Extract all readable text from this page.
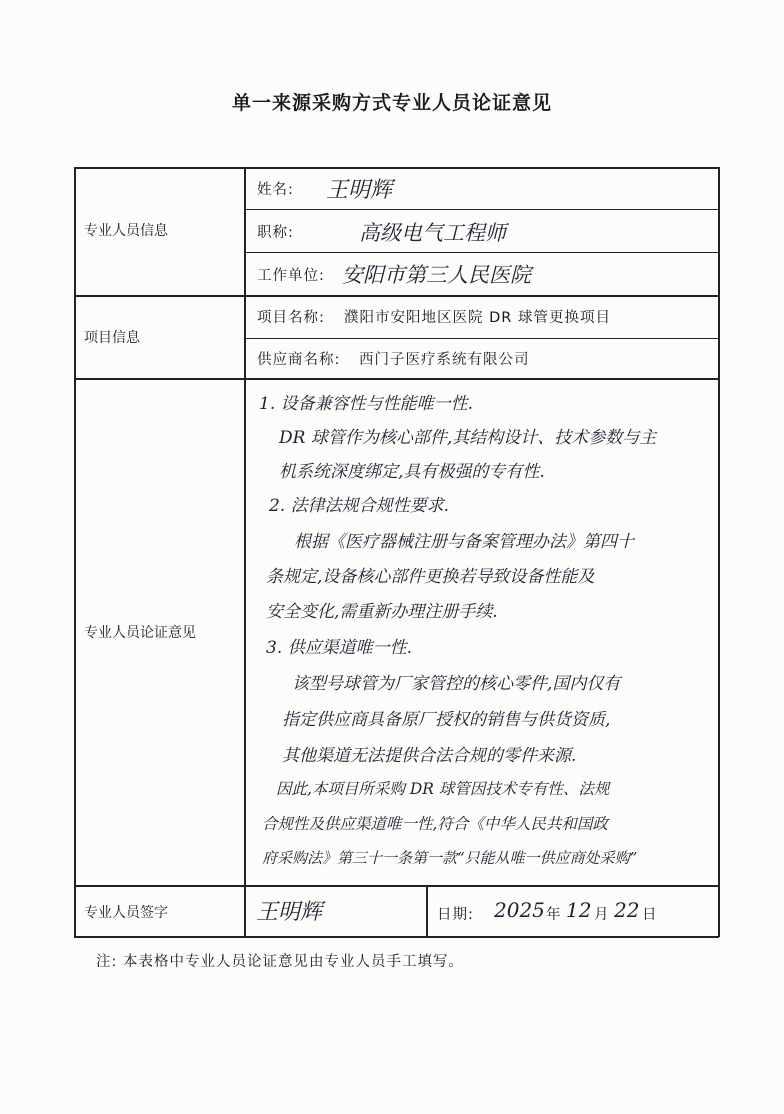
单一来源采购方式专业人员论证意见
专业人员信息
项目信息
专业人员论证意见
专业人员签字
姓名: 王明辉
职称:	高级电气工程师
工作单位: 安阳市第三人民医院
项目名称: 濮阳市安阳地区医院 DR 球管更换项目
供应商名称: 西门子医疗系统有限公司
1. 设备兼容性与性能唯一性.
DR 球管作为核心部件,其结构设计、技术参数与主
机系统深度绑定,具有极强的专有性.
2. 法律法规合规性要求.
根据《医疗器械注册与备案管理办法》第四十
条规定,设备核心部件更换若导致设备性能及
安全变化,需重新办理注册手续.
3. 供应渠道唯一性.
该型号球管为厂家管控的核心零件,国内仅有
指定供应商具备原厂授权的销售与供货资质,
其他渠道无法提供合法合规的零件来源.
因此,本项目所采购 DR 球管因技术专有性、法规
合规性及供应渠道唯一性,符合《中华人民共和国政
府采购法》第三十一条第一款“只能从唯一供应商处采购”
王明辉	日期: 2025 年 12 月 22 日
注: 本表格中专业人员论证意见由专业人员手工填写。
